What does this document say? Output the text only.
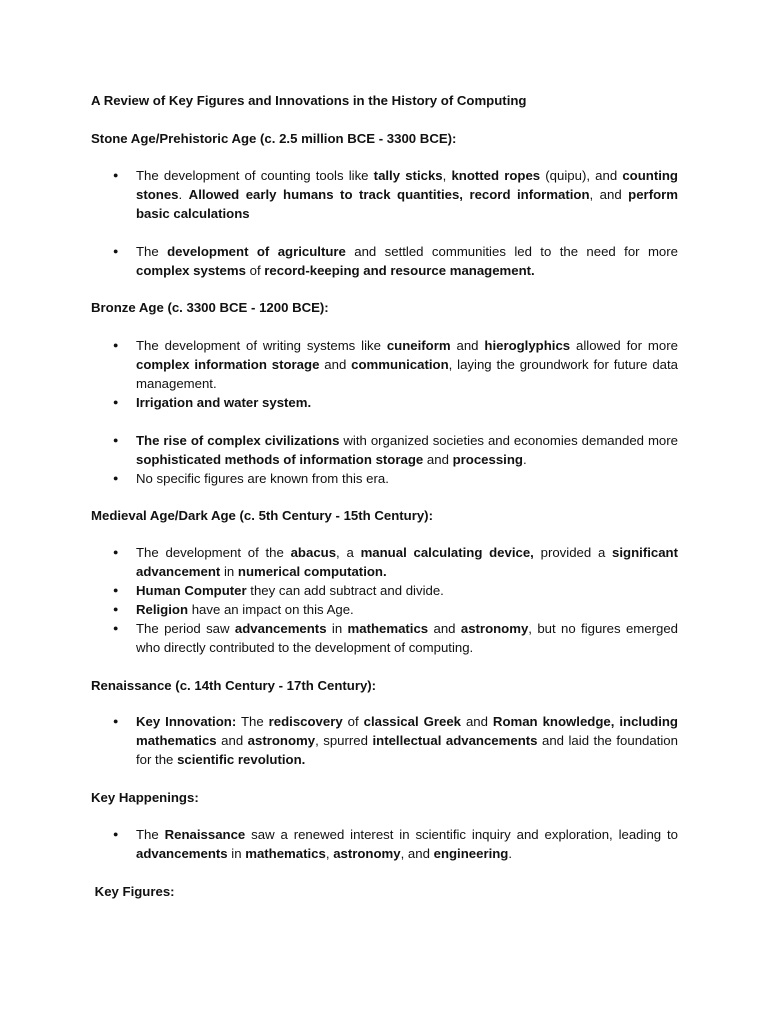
A Review of Key Figures and Innovations in the History of Computing
Stone Age/Prehistoric Age (c. 2.5 million BCE - 3300 BCE):
● The development of counting tools like tally sticks, knotted ropes (quipu), and counting stones. Allowed early humans to track quantities, record information, and perform basic calculations
● The development of agriculture and settled communities led to the need for more complex systems of record-keeping and resource management.
Bronze Age (c. 3300 BCE - 1200 BCE):
● The development of writing systems like cuneiform and hieroglyphics allowed for more complex information storage and communication, laying the groundwork for future data management.
● Irrigation and water system.
● The rise of complex civilizations with organized societies and economies demanded more sophisticated methods of information storage and processing.
● No specific figures are known from this era.
Medieval Age/Dark Age (c. 5th Century - 15th Century):
● The development of the abacus, a manual calculating device, provided a significant advancement in numerical computation.
● Human Computer they can add subtract and divide.
● Religion have an impact on this Age.
● The period saw advancements in mathematics and astronomy, but no figures emerged who directly contributed to the development of computing.
Renaissance (c. 14th Century - 17th Century):
● Key Innovation: The rediscovery of classical Greek and Roman knowledge, including mathematics and astronomy, spurred intellectual advancements and laid the foundation for the scientific revolution.
Key Happenings:
● The Renaissance saw a renewed interest in scientific inquiry and exploration, leading to advancements in mathematics, astronomy, and engineering.
Key Figures:
